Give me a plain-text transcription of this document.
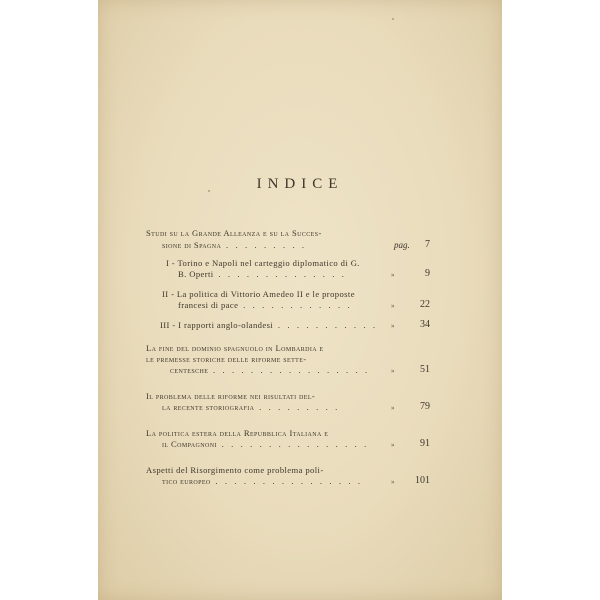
INDICE
Studi su la Grande Alleanza e su la Succes-
sione di Spagna . . . . . . . . .	pag.	7
I - Torino e Napoli nel carteggio diplomatico di G.
B. Operti . . . . . . . . . . . . . .	»	9
II - La politica di Vittorio Amedeo II e le proposte
francesi di pace . . . . . . . . . . . .	»	22
III - I rapporti anglo-olandesi . . . . . . . . . . . »	34
La fine del dominio spagnuolo in Lombardia e
le premesse storiche delle riforme sette-
centesche . . . . . . . . . . . . . . . . .	»	51
Il problema delle riforme nei risultati del-
la recente storiografia . . . . . . . . .	»	79
La politica estera della Repubblica Italiana e
il Compagnoni . . . . . . . . . . . . . . . .	»	91
Aspetti del Risorgimento come problema poli-
tico europeo . . . . . . . . . . . . . . . .	»	101
